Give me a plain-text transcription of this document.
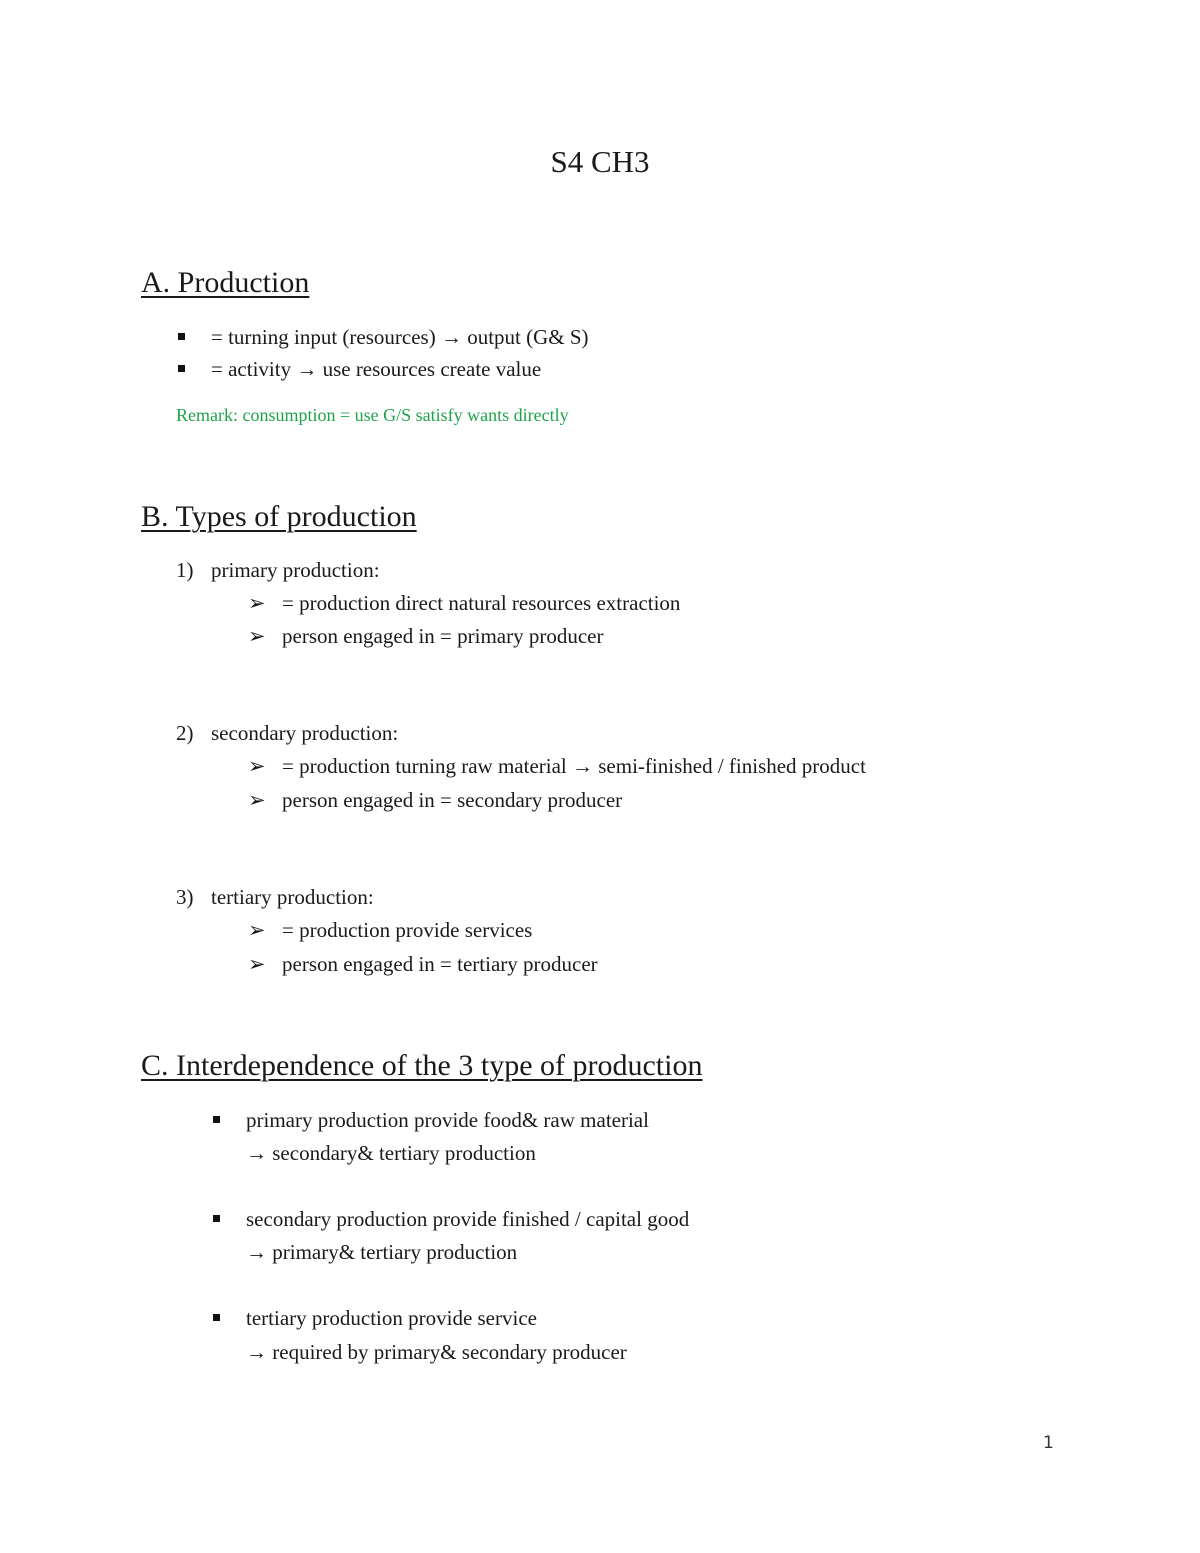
S4 CH3
A. Production
= turning input (resources) → output (G& S)
= activity → use resources create value
Remark: consumption = use G/S satisfy wants directly
B. Types of production
1) primary production:
➢ = production direct natural resources extraction
➢ person engaged in = primary producer
2) secondary production:
➢ = production turning raw material → semi-finished / finished product
➢ person engaged in = secondary producer
3) tertiary production:
➢ = production provide services
➢ person engaged in = tertiary producer
C. Interdependence of the 3 type of production
primary production provide food& raw material
→ secondary& tertiary production
secondary production provide finished / capital good
→ primary& tertiary production
tertiary production provide service
→ required by primary& secondary producer
1
